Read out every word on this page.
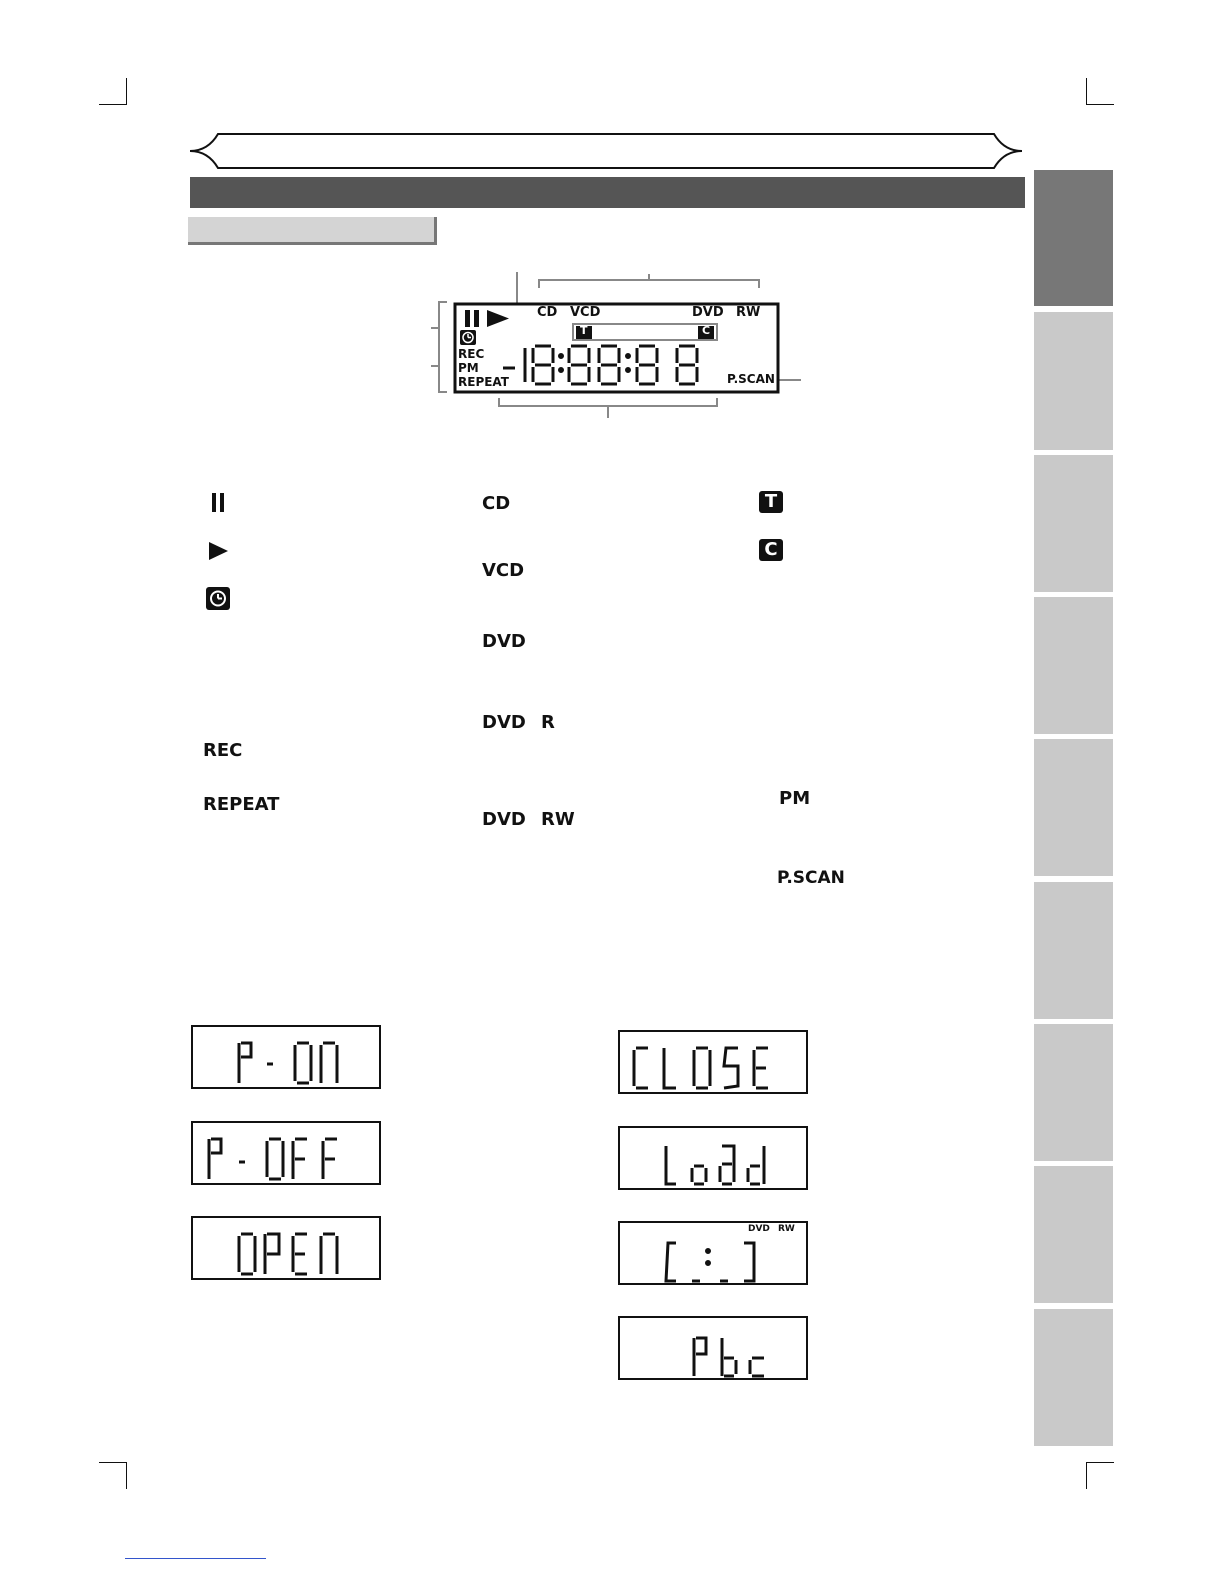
CD VCD	DVD RW
T	C
REC
PM
REPEAT	P.SCAN
REC
REPEAT
CD
VCD
DVD
DVD R
DVD RW
T
C
PM
P.SCAN
DVD RW
